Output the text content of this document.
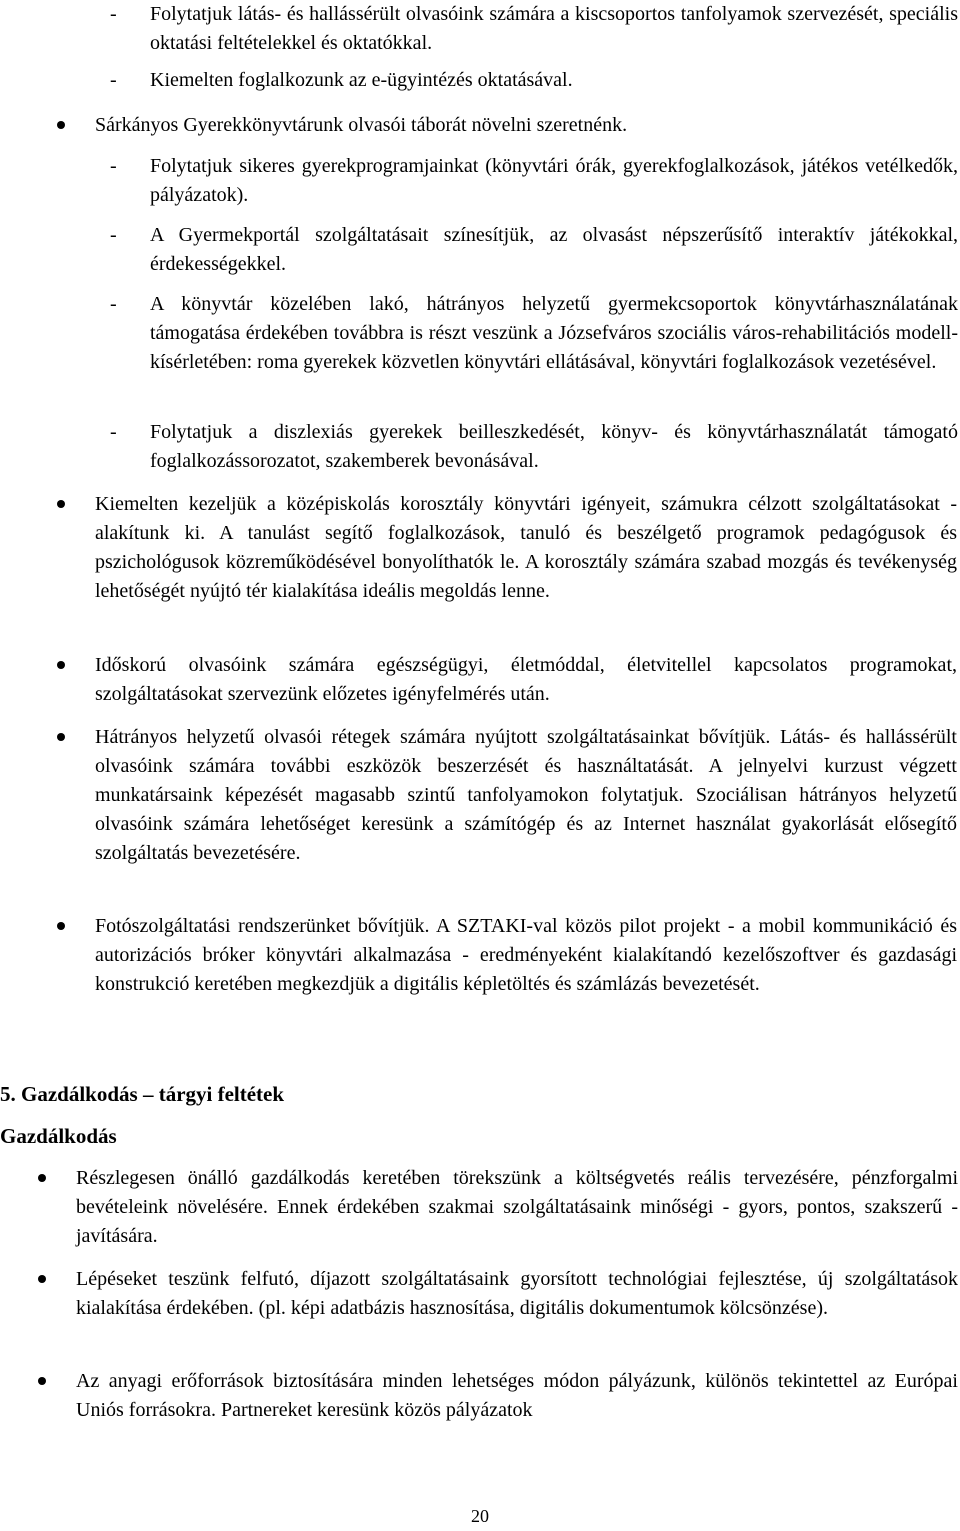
- Folytatjuk látás- és hallássérült olvasóink számára a kiscsoportos tanfolyamok szervezését, speciális oktatási feltételekkel és oktatókkal.
- Kiemelten foglalkozunk az e-ügyintézés oktatásával.
Sárkányos Gyerekkönyvtárunk olvasói táborát növelni szeretnénk.
- Folytatjuk sikeres gyerekprogramjainkat (könyvtári órák, gyerekfoglalkozások, játékos vetélkedők, pályázatok).
- A Gyermekportál szolgáltatásait színesítjük, az olvasást népszerűsítő interaktív játékokkal, érdekességekkel.
- A könyvtár közelében lakó, hátrányos helyzetű gyermekcsoportok könyvtárhasználatának támogatása érdekében továbbra is részt veszünk a Józsefváros szociális város-rehabilitációs modell-kísérletében: roma gyerekek közvetlen könyvtári ellátásával, könyvtári foglalkozások vezetésével.
- Folytatjuk a diszlexiás gyerekek beilleszkedését, könyv- és könyvtárhasználatát támogató foglalkozássorozatot, szakemberek bevonásával.
Kiemelten kezeljük a középiskolás korosztály könyvtári igényeit, számukra célzott szolgáltatásokat - alakítunk ki. A tanulást segítő foglalkozások, tanuló és beszélgető programok pedagógusok és pszichológusok közreműködésével bonyolíthatók le. A korosztály számára szabad mozgás és tevékenység lehetőségét nyújtó tér kialakítása ideális megoldás lenne.
Időskorú olvasóink számára egészségügyi, életmóddal, életvitellel kapcsolatos programokat, szolgáltatásokat szervezünk előzetes igényfelmérés után.
Hátrányos helyzetű olvasói rétegek számára nyújtott szolgáltatásainkat bővítjük. Látás- és hallássérült olvasóink számára további eszközök beszerzését és használtatását. A jelnyelvi kurzust végzett munkatársaink képezését magasabb szintű tanfolyamokon folytatjuk. Szociálisan hátrányos helyzetű olvasóink számára lehetőséget keresünk a számítógép és az Internet használat gyakorlását elősegítő szolgáltatás bevezetésére.
Fotószolgáltatási rendszerünket bővítjük. A SZTAKI-val közös pilot projekt - a mobil kommunikáció és autorizációs bróker könyvtári alkalmazása - eredményeként kialakítandó kezelőszoftver és gazdasági konstrukció keretében megkezdjük a digitális képletöltés és számlázás bevezetését.
5. Gazdálkodás – tárgyi feltétek
Gazdálkodás
Részlegesen önálló gazdálkodás keretében törekszünk a költségvetés reális tervezésére, pénzforgalmi bevételeink növelésére. Ennek érdekében szakmai szolgáltatásaink minőségi - gyors, pontos, szakszerű - javítására.
Lépéseket teszünk felfutó, díjazott szolgáltatásaink gyorsított technológiai fejlesztése, új szolgáltatások kialakítása érdekében. (pl. képi adatbázis hasznosítása, digitális dokumentumok kölcsönzése).
Az anyagi erőforrások biztosítására minden lehetséges módon pályázunk, különös tekintettel az Európai Uniós forrásokra. Partnereket keresünk közös pályázatok
20
